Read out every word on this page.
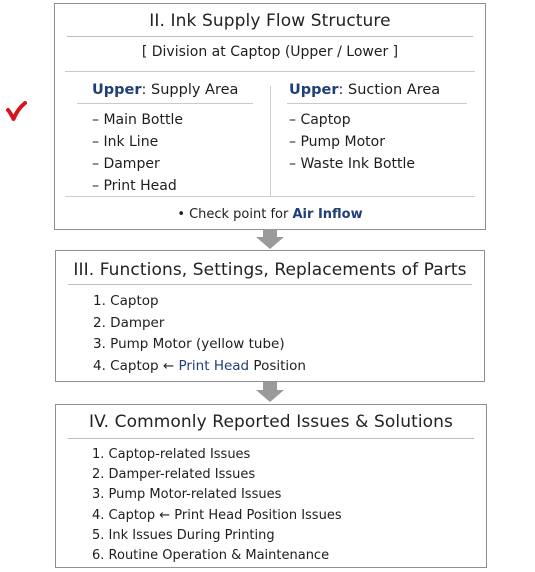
II. Ink Supply Flow Structure
[ Division at Captop (Upper / Lower ]
Upper: Supply Area
– Main Bottle
– Ink Line
– Damper
– Print Head
Upper: Suction Area
– Captop
– Pump Motor
– Waste Ink Bottle
• Check point for Air Inflow
III. Functions, Settings, Replacements of Parts
1. Captop
2. Damper
3. Pump Motor (yellow tube)
4. Captop ← Print Head Position
IV. Commonly Reported Issues & Solutions
1. Captop-related Issues
2. Damper-related Issues
3. Pump Motor-related Issues
4. Captop ← Print Head Position Issues
5. Ink Issues During Printing
6. Routine Operation & Maintenance
